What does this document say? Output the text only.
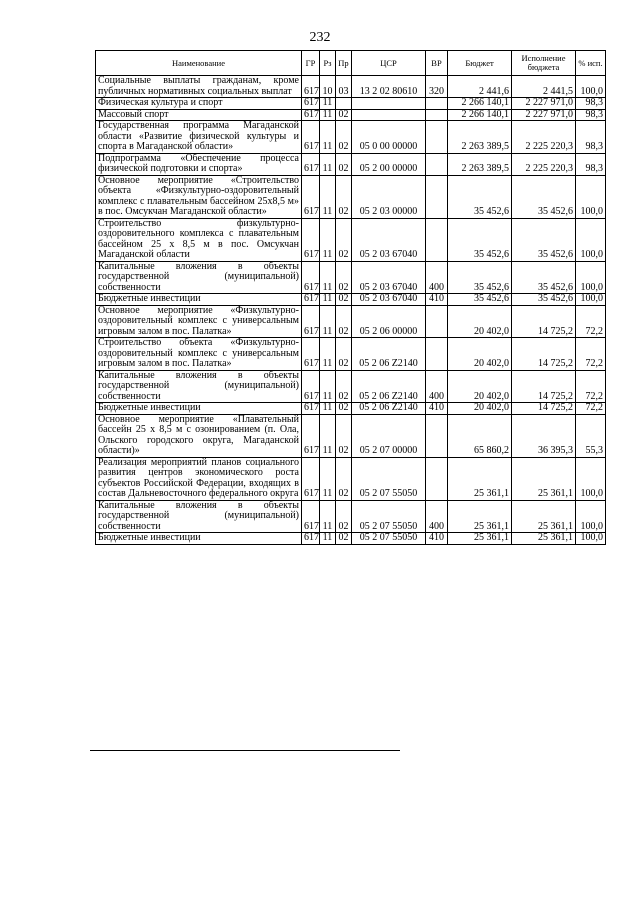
232
Наименование	ГР	Рз	Пр	ЦСР	ВР	Бюджет	Исполнение бюджета	% исп.
Социальные выплаты гражданам, кроме публичных нормативных социальных выплат	617	10	03	13 2 02 80610	320	2 441,6	2 441,5	100,0
Физическая культура и спорт	617	11				2 266 140,1	2 227 971,0	98,3
Массовый спорт	617	11	02			2 266 140,1	2 227 971,0	98,3
Государственная программа Магаданской области «Развитие физической культуры и спорта в Магаданской области»	617	11	02	05 0 00 00000		2 263 389,5	2 225 220,3	98,3
Подпрограмма «Обеспечение процесса физической подготовки и спорта»	617	11	02	05 2 00 00000		2 263 389,5	2 225 220,3	98,3
Основное мероприятие «Строительство объекта «Физкультурно-оздоровительный комплекс с плавательным бассейном 25х8,5 м» в пос. Омсукчан Магаданской области»	617	11	02	05 2 03 00000		35 452,6	35 452,6	100,0
Строительство физкультурно-оздоровительного комплекса с плавательным бассейном 25 х 8,5 м в пос. Омсукчан Магаданской области	617	11	02	05 2 03 67040		35 452,6	35 452,6	100,0
Капитальные вложения в объекты государственной (муниципальной) собственности	617	11	02	05 2 03 67040	400	35 452,6	35 452,6	100,0
Бюджетные инвестиции	617	11	02	05 2 03 67040	410	35 452,6	35 452,6	100,0
Основное мероприятие «Физкультурно-оздоровительный комплекс с универсальным игровым залом в пос. Палатка»	617	11	02	05 2 06 00000		20 402,0	14 725,2	72,2
Строительство объекта «Физкультурно-оздоровительный комплекс с универсальным игровым залом в пос. Палатка»	617	11	02	05 2 06 Z2140		20 402,0	14 725,2	72,2
Капитальные вложения в объекты государственной (муниципальной) собственности	617	11	02	05 2 06 Z2140	400	20 402,0	14 725,2	72,2
Бюджетные инвестиции	617	11	02	05 2 06 Z2140	410	20 402,0	14 725,2	72,2
Основное мероприятие «Плавательный бассейн 25 х 8,5 м с озонированием (п. Ола, Ольского городского округа, Магаданской области)»	617	11	02	05 2 07 00000		65 860,2	36 395,3	55,3
Реализация мероприятий планов социального развития центров экономического роста субъектов Российской Федерации, входящих в состав Дальневосточного федерального округа	617	11	02	05 2 07 55050		25 361,1	25 361,1	100,0
Капитальные вложения в объекты государственной (муниципальной) собственности	617	11	02	05 2 07 55050	400	25 361,1	25 361,1	100,0
Бюджетные инвестиции	617	11	02	05 2 07 55050	410	25 361,1	25 361,1	100,0
